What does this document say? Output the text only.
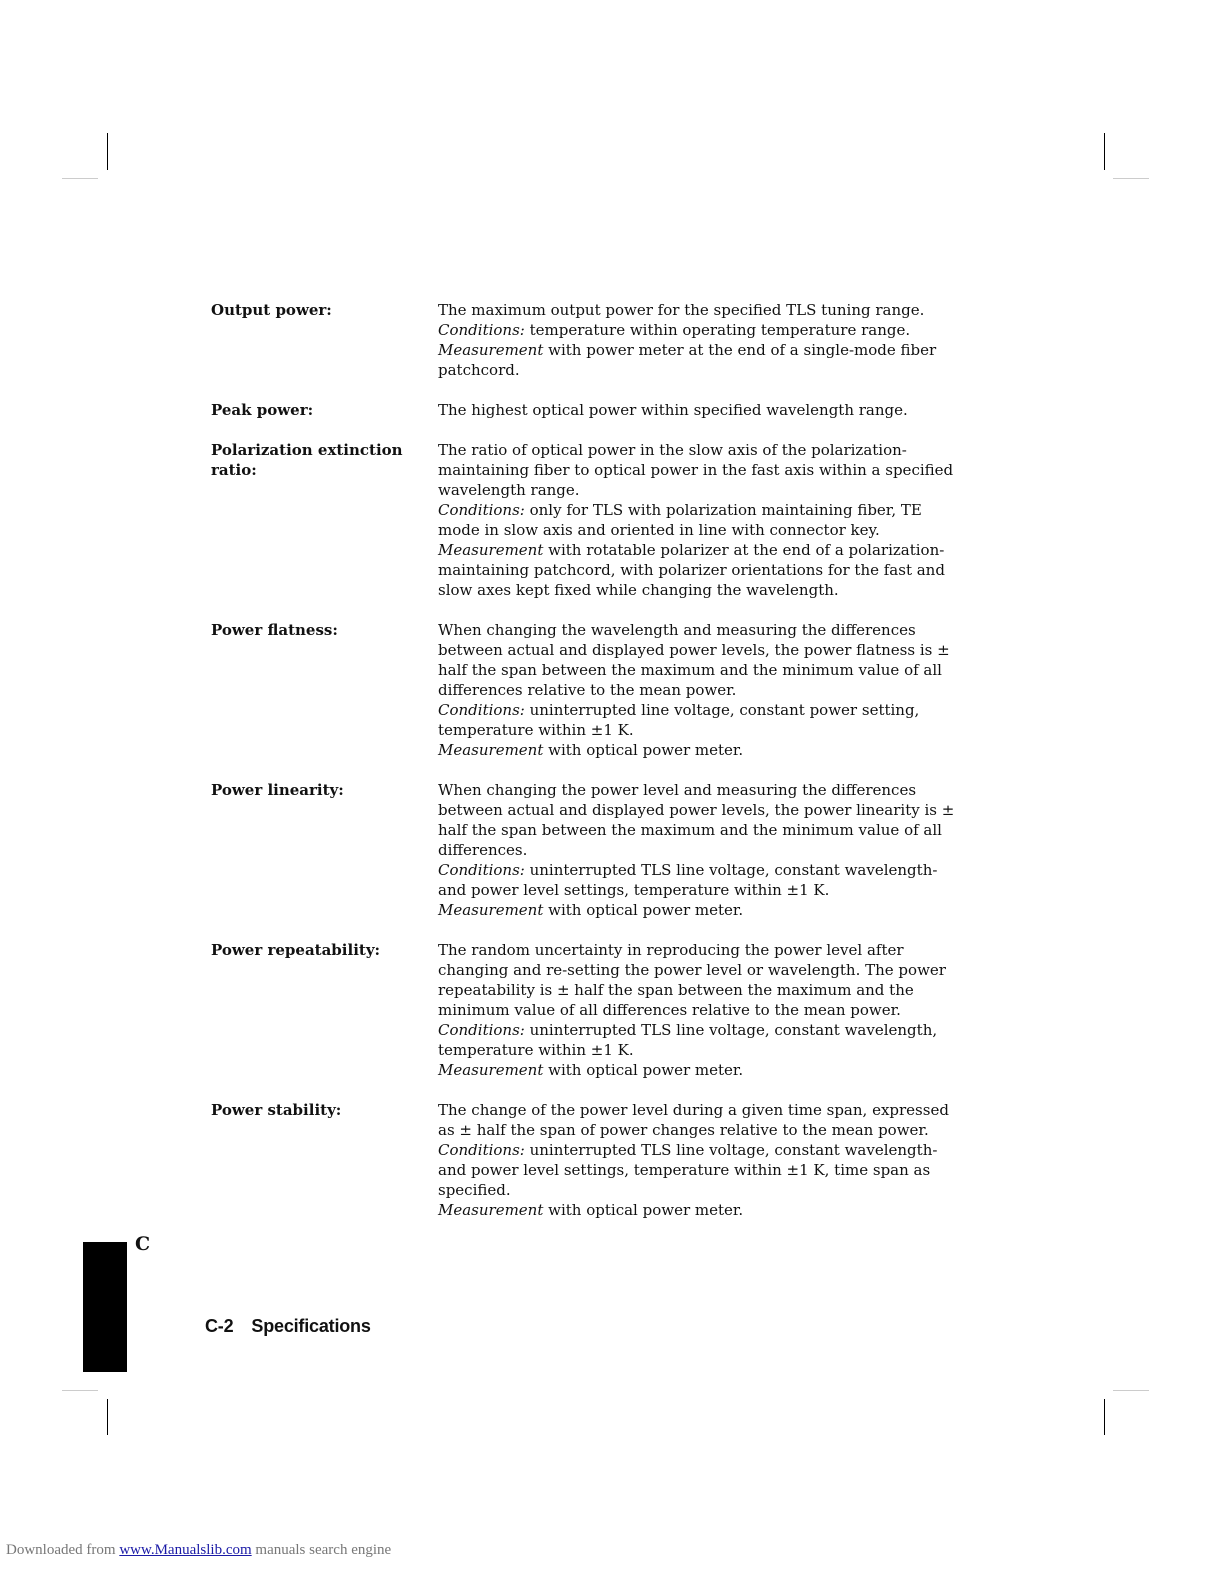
Output power:	The maximum output power for the specified TLS tuning range.

Conditions: temperature within operating temperature range.

Measurement with power meter at the end of a single-mode fiber patchcord.

Peak power:	The highest optical power within specified wavelength range.

Polarization extinction ratio:

The ratio of optical power in the slow axis of the polarization-maintaining fiber to optical power in the fast axis within a specified wavelength range.

Conditions: only for TLS with polarization maintaining fiber, TE mode in slow axis and oriented in line with connector key.

Measurement with rotatable polarizer at the end of a polarization-maintaining patchcord, with polarizer orientations for the fast and slow axes kept fixed while changing the wavelength.

Power flatness:	When changing the wavelength and measuring the differences between actual and displayed power levels, the power flatness is ± half the span between the maximum and the minimum value of all differences relative to the mean power.

Conditions: uninterrupted line voltage, constant power setting, temperature within ±1 K.

Measurement with optical power meter.

Power linearity:	When changing the power level and measuring the differences between actual and displayed power levels, the power linearity is ± half the span between the maximum and the minimum value of all differences.

Conditions: uninterrupted TLS line voltage, constant wavelength-and power level settings, temperature within ±1 K.

Measurement with optical power meter.

Power repeatability:	The random uncertainty in reproducing the power level after changing and re-setting the power level or wavelength. The power repeatability is ± half the span between the maximum and the minimum value of all differences relative to the mean power.

Conditions: uninterrupted TLS line voltage, constant wavelength, temperature within ±1 K.

Measurement with optical power meter.

Power stability:	The change of the power level during a given time span, expressed as ± half the span of power changes relative to the mean power.

Conditions: uninterrupted TLS line voltage, constant wavelength-and power level settings, temperature within ±1 K, time span as specified.

Measurement with optical power meter.

C
C-2 Specifications
Downloaded from www.Manualslib.com manuals search engine
